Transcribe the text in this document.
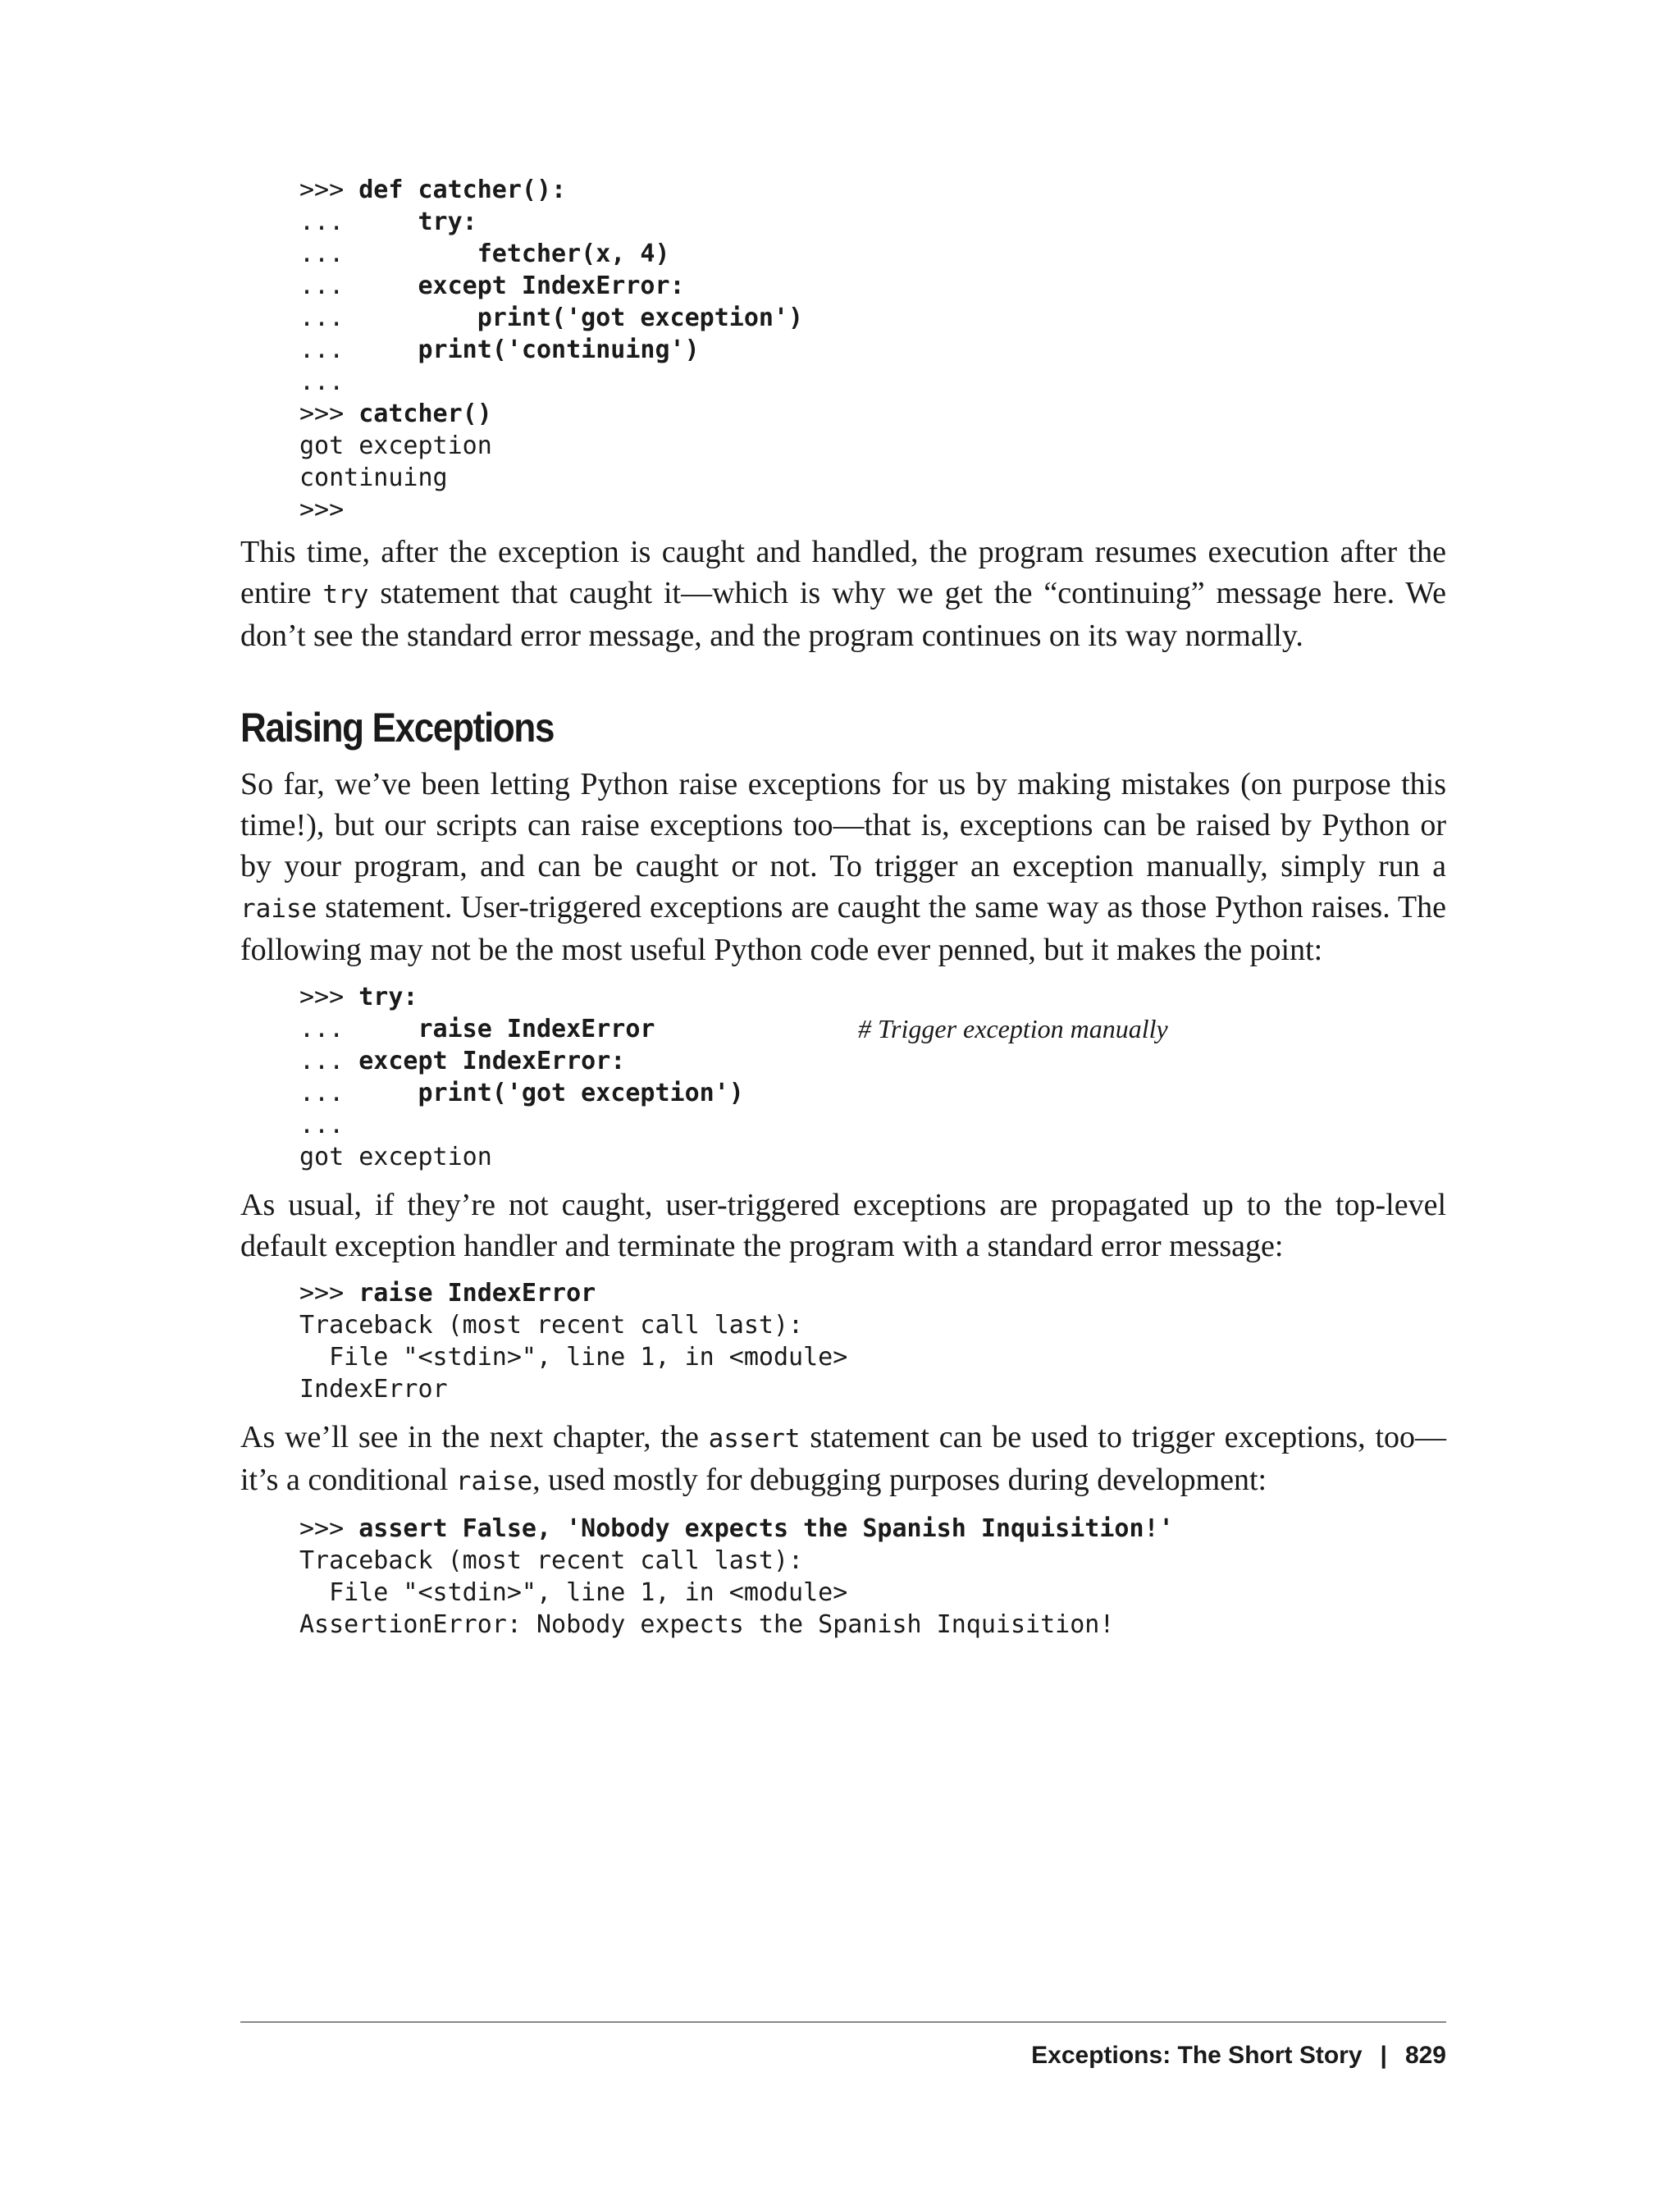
>>> def catcher():
...     try:
...         fetcher(x, 4)
...     except IndexError:
...         print('got exception')
...     print('continuing')
...
>>> catcher()
got exception
continuing
>>>

This time, after the exception is caught and handled, the program resumes execution after the entire try statement that caught it—which is why we get the “continuing” message here. We don’t see the standard error message, and the program continues on its way normally.

Raising Exceptions

So far, we’ve been letting Python raise exceptions for us by making mistakes (on purpose this time!), but our scripts can raise exceptions too—that is, exceptions can be raised by Python or by your program, and can be caught or not. To trigger an exception manually, simply run a raise statement. User-triggered exceptions are caught the same way as those Python raises. The following may not be the most useful Python code ever penned, but it makes the point:

>>> try:
...     raise IndexError	# Trigger exception manually
... except IndexError:
...     print('got exception')
...
got exception

As usual, if they’re not caught, user-triggered exceptions are propagated up to the top-level default exception handler and terminate the program with a standard error message:

>>> raise IndexError
Traceback (most recent call last):
File "<stdin>", line 1, in <module>
IndexError

As we’ll see in the next chapter, the assert statement can be used to trigger exceptions, too—it’s a conditional raise, used mostly for debugging purposes during development:

>>> assert False, 'Nobody expects the Spanish Inquisition!'
Traceback (most recent call last):
File "<stdin>", line 1, in <module>
AssertionError: Nobody expects the Spanish Inquisition!
Exceptions: The Short Story | 829
